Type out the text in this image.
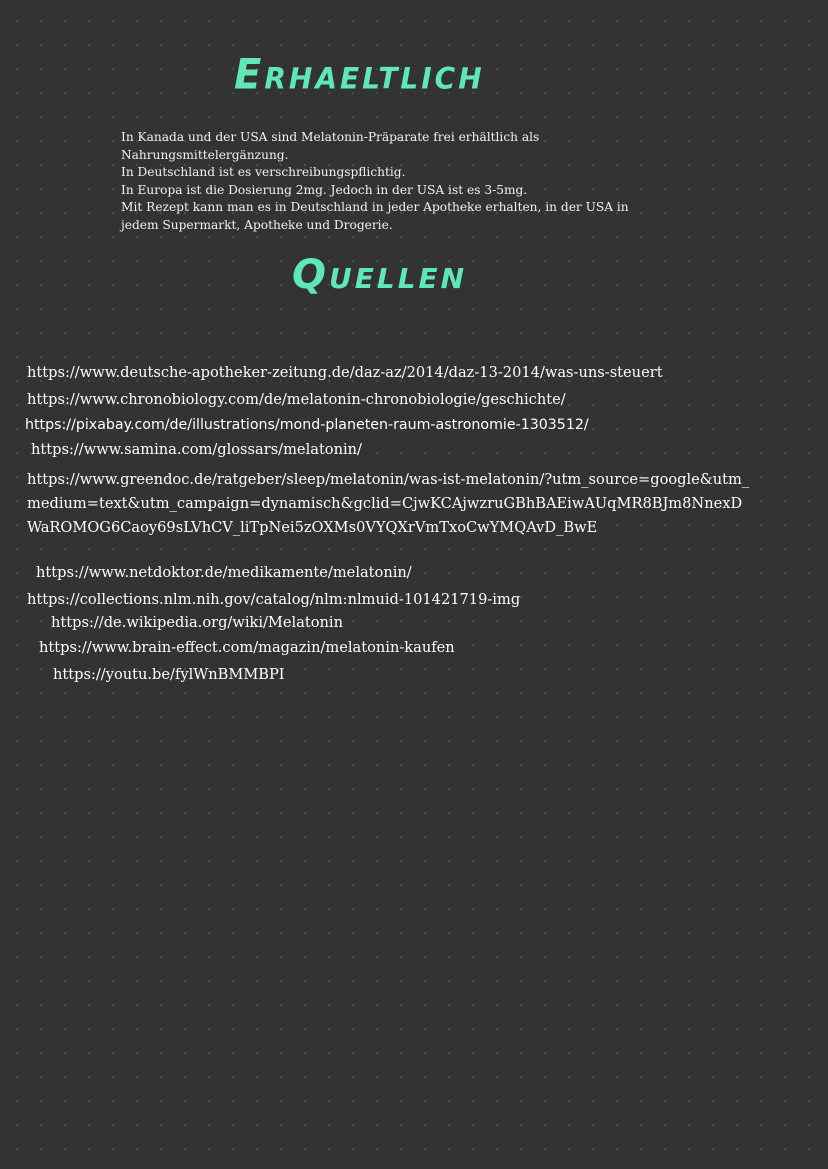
Erhaeltlich
In Kanada und der USA sind Melatonin-Präparate frei erhältlich als
Nahrungsmittelergänzung.
In Deutschland ist es verschreibungspflichtig.
In Europa ist die Dosierung 2mg. Jedoch in der USA ist es 3-5mg.
Mit Rezept kann man es in Deutschland in jeder Apotheke erhalten, in der USA in
jedem Supermarkt, Apotheke und Drogerie.
Quellen

https://www.deutsche-apotheker-zeitung.de/daz-az/2014/daz-13-2014/was-uns-steuert

https://www.chronobiology.com/de/melatonin-chronobiologie/geschichte/

https://pixabay.com/de/illustrations/mond-planeten-raum-astronomie-1303512/

https://www.samina.com/glossars/melatonin/

https://www.greendoc.de/ratgeber/sleep/melatonin/was-ist-melatonin/?utm_source=google&utm_medium=text&utm_campaign=dynamisch&gclid=CjwKCAjwzruGBhBAEiwAUqMR8BJm8NnexDWaROMOG6Caoy69sLVhCV_liTpNei5zOXMs0VYQXrVmTxoCwYMQAvD_BwE

https://www.netdoktor.de/medikamente/melatonin/

https://collections.nlm.nih.gov/catalog/nlm:nlmuid-101421719-img

https://de.wikipedia.org/wiki/Melatonin

https://www.brain-effect.com/magazin/melatonin-kaufen

https://youtu.be/fylWnBMMBPI
